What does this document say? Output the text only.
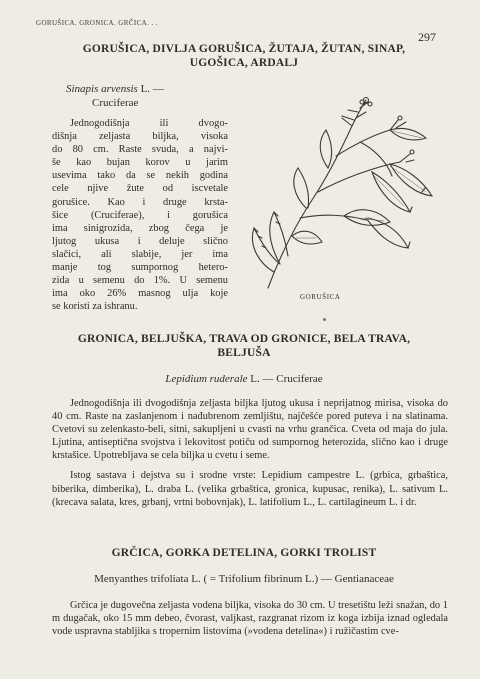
GORUŠICA. GRONICA. GRČICA. . .
297
GORUŠICA, DIVLJA GORUŠICA, ŽUTAJA, ŽUTAN, SINAP,
UGOŠICA, ARDALJ
Sinapis arvensis L. —
Cruciferae
Jednogodišnja ili dvogo-
dišnja zeljasta biljka, visoka
do 80 cm. Raste svuda, a najvi-
še kao bujan korov u jarim
usevima tako da se nekih godina
cele njive žute od iscvetale
gorušice. Kao i druge krsta-
šice (Cruciferae), i gorušica
ima sinigrozida, zbog čega je
ljutog ukusa i deluje slično
slačici, ali slabije, jer ima
manje tog sumpornog hetero-
zida u semenu do 1%. U semenu
ima oko 26% masnog ulja koje
se koristi za ishranu.
GORUŠICA
GRONICA, BELJUŠKA, TRAVA OD GRONICE, BELA TRAVA,
BELJUŠA
Lepidium ruderale L. — Cruciferae

Jednogodišnja ili dvogodišnja zeljasta biljka ljutog ukusa i neprijatnog mirisa, visoka do 40 cm. Raste na zaslanjenom i nađubrenom zemljištu, najčešće pored puteva i na slatinama. Cvetovi su zelenkasto-beli, sitni, sakupljeni u cvasti na vrhu grančica. Cveta od maja do jula. Ljutina, antiseptična svojstva i lekovitost potiču od sumpornog heterozida, slično kao i druge krstašice. Upotrebljava se cela biljka u cvetu i seme.

Istog sastava i dejstva su i srodne vrste: Lepidium campestre L. (grbica, grbaštica, biberika, dimberika), L. draba L. (velika grbaštica, gronica, kupusac, renika), L. sativum L. (krecava salata, kres, grbanj, vrtni bobovnjak), L. latifolium L., L. cartilagineum L. i dr.

GRČICA, GORKA DETELINA, GORKI TROLIST
Menyanthes trifoliata L. ( = Trifolium fibrinum L.) — Gentianaceae

Grčica je dugovečna zeljasta vodena biljka, visoka do 30 cm. U tresetištu leži snažan, do 1 m dugačak, oko 15 mm debeo, čvorast, valjkast, razgranat rizom iz koga izbija iznad ogledala vode uspravna stabljika s tropernim listovima (»vodena detelina«) i ružičastim cve-
